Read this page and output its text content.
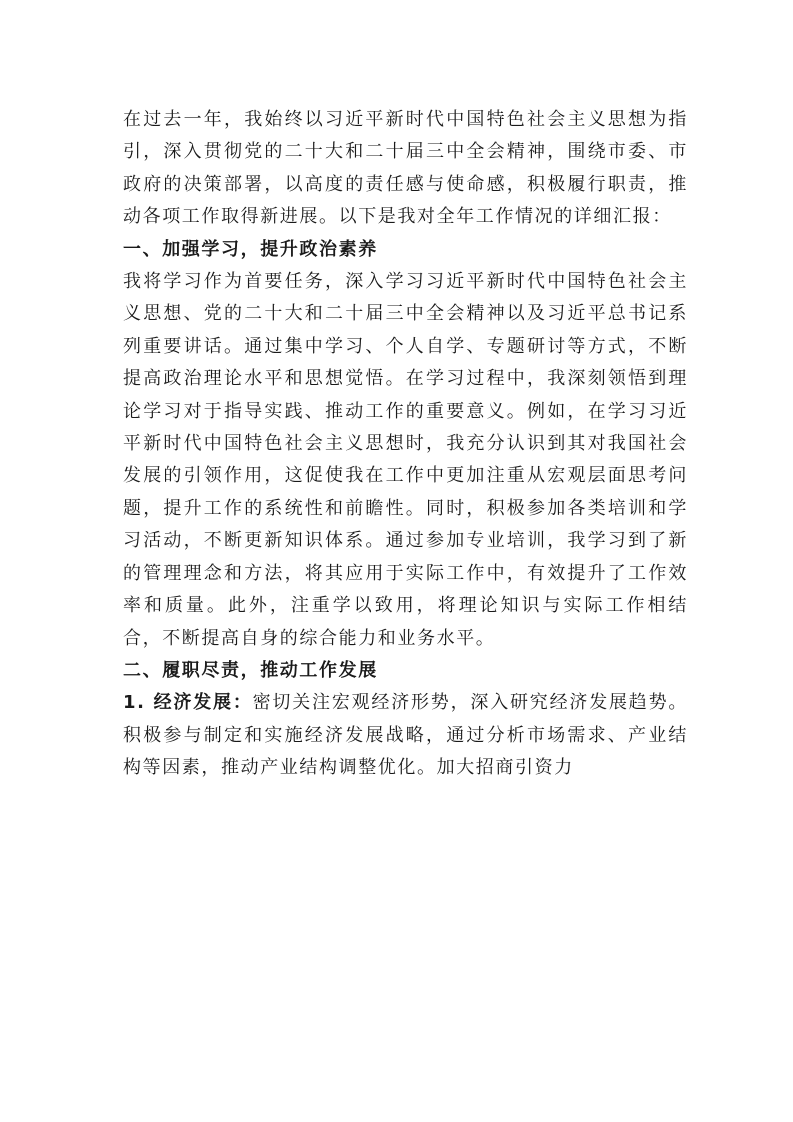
在过去一年，我始终以习近平新时代中国特色社会主义思想为指引，深入贯彻党的二十大和二十届三中全会精神，围绕市委、市政府的决策部署，以高度的责任感与使命感，积极履行职责，推动各项工作取得新进展。以下是我对全年工作情况的详细汇报：

一、加强学习，提升政治素养

我将学习作为首要任务，深入学习习近平新时代中国特色社会主义思想、党的二十大和二十届三中全会精神以及习近平总书记系列重要讲话。通过集中学习、个人自学、专题研讨等方式，不断提高政治理论水平和思想觉悟。在学习过程中，我深刻领悟到理论学习对于指导实践、推动工作的重要意义。例如，在学习习近平新时代中国特色社会主义思想时，我充分认识到其对我国社会发展的引领作用，这促使我在工作中更加注重从宏观层面思考问题，提升工作的系统性和前瞻性。同时，积极参加各类培训和学习活动，不断更新知识体系。通过参加专业培训，我学习到了新的管理理念和方法，将其应用于实际工作中，有效提升了工作效率和质量。此外，注重学以致用，将理论知识与实际工作相结合，不断提高自身的综合能力和业务水平。

二、履职尽责，推动工作发展

1. 经济发展：密切关注宏观经济形势，深入研究经济发展趋势。积极参与制定和实施经济发展战略，通过分析市场需求、产业结构等因素，推动产业结构调整优化。加大招商引资力
